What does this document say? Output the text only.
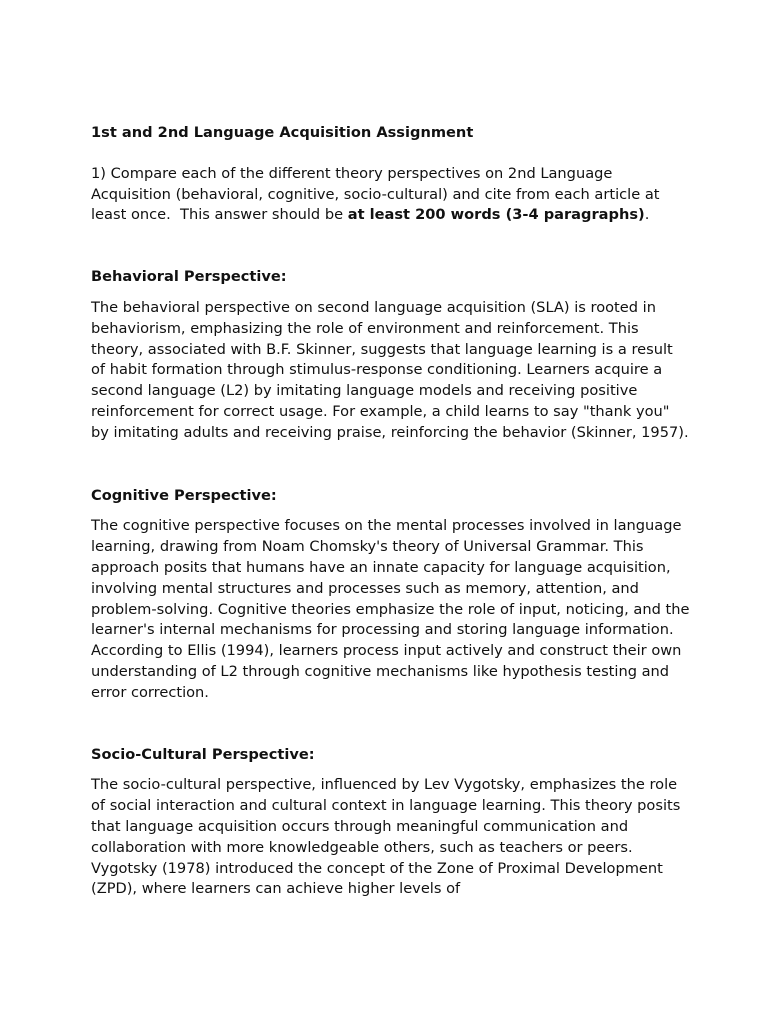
1st and 2nd Language Acquisition Assignment

1) Compare each of the different theory perspectives on 2nd Language Acquisition (behavioral, cognitive, socio-cultural) and cite from each article at least once.  This answer should be at least 200 words (3-4 paragraphs).

Behavioral Perspective:

The behavioral perspective on second language acquisition (SLA) is rooted in behaviorism, emphasizing the role of environment and reinforcement. This theory, associated with B.F. Skinner, suggests that language learning is a result of habit formation through stimulus-response conditioning. Learners acquire a second language (L2) by imitating language models and receiving positive reinforcement for correct usage. For example, a child learns to say "thank you" by imitating adults and receiving praise, reinforcing the behavior (Skinner, 1957).

Cognitive Perspective:

The cognitive perspective focuses on the mental processes involved in language learning, drawing from Noam Chomsky's theory of Universal Grammar. This approach posits that humans have an innate capacity for language acquisition, involving mental structures and processes such as memory, attention, and problem-solving. Cognitive theories emphasize the role of input, noticing, and the learner's internal mechanisms for processing and storing language information. According to Ellis (1994), learners process input actively and construct their own understanding of L2 through cognitive mechanisms like hypothesis testing and error correction.

Socio-Cultural Perspective:

The socio-cultural perspective, influenced by Lev Vygotsky, emphasizes the role of social interaction and cultural context in language learning. This theory posits that language acquisition occurs through meaningful communication and collaboration with more knowledgeable others, such as teachers or peers. Vygotsky (1978) introduced the concept of the Zone of Proximal Development (ZPD), where learners can achieve higher levels of
